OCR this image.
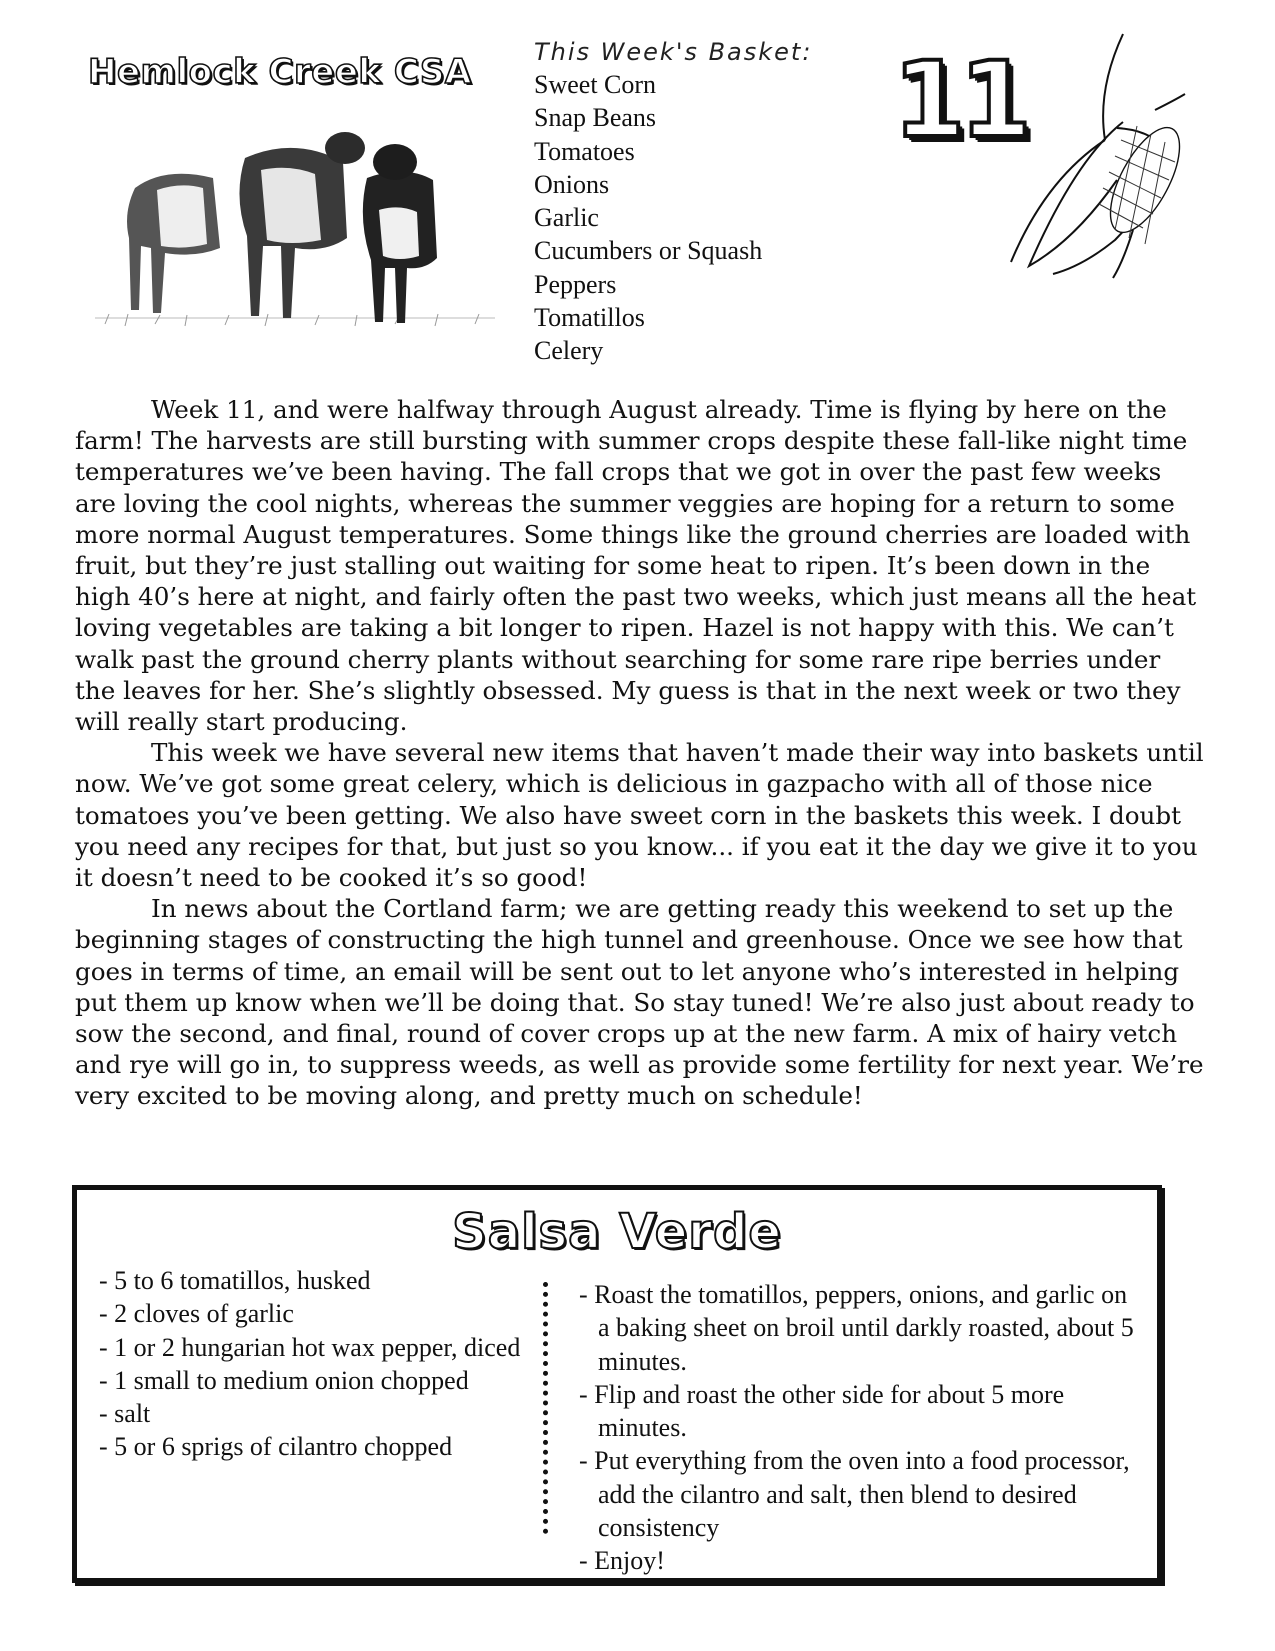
Hemlock Creek CSA	This Week's Basket:
Sweet Corn
Snap Beans
Tomatoes
Onions
Garlic
Cucumbers or Squash
Peppers
Tomatillos
Celery
11

Week 11, and were halfway through August already. Time is flying by here on the farm! The harvests are still bursting with summer crops despite these fall-like night time temperatures we’ve been having. The fall crops that we got in over the past few weeks are loving the cool nights, whereas the summer veggies are hoping for a return to some more normal August temperatures. Some things like the ground cherries are loaded with fruit, but they’re just stalling out waiting for some heat to ripen. It’s been down in the high 40’s here at night, and fairly often the past two weeks, which just means all the heat loving vegetables are taking a bit longer to ripen. Hazel is not happy with this. We can’t walk past the ground cherry plants without searching for some rare ripe berries under the leaves for her. She’s slightly obsessed. My guess is that in the next week or two they will really start producing.

This week we have several new items that haven’t made their way into baskets until now. We’ve got some great celery, which is delicious in gazpacho with all of those nice tomatoes you’ve been getting. We also have sweet corn in the baskets this week. I doubt you need any recipes for that, but just so you know... if you eat it the day we give it to you it doesn’t need to be cooked it’s so good!

In news about the Cortland farm; we are getting ready this weekend to set up the beginning stages of constructing the high tunnel and greenhouse. Once we see how that goes in terms of time, an email will be sent out to let anyone who’s interested in helping put them up know when we’ll be doing that. So stay tuned! We’re also just about ready to sow the second, and final, round of cover crops up at the new farm. A mix of hairy vetch and rye will go in, to suppress weeds, as well as provide some fertility for next year. We’re very excited to be moving along, and pretty much on schedule!

Salsa Verde
- 5 to 6 tomatillos, husked
- 2 cloves of garlic
- 1 or 2 hungarian hot wax pepper, diced
- 1 small to medium onion chopped
- salt
- 5 or 6 sprigs of cilantro chopped
- Roast the tomatillos, peppers, onions, and garlic on a baking sheet on broil until darkly roasted, about 5 minutes.
- Flip and roast the other side for about 5 more minutes.
- Put everything from the oven into a food processor, add the cilantro and salt, then blend to desired consistency
- Enjoy!
